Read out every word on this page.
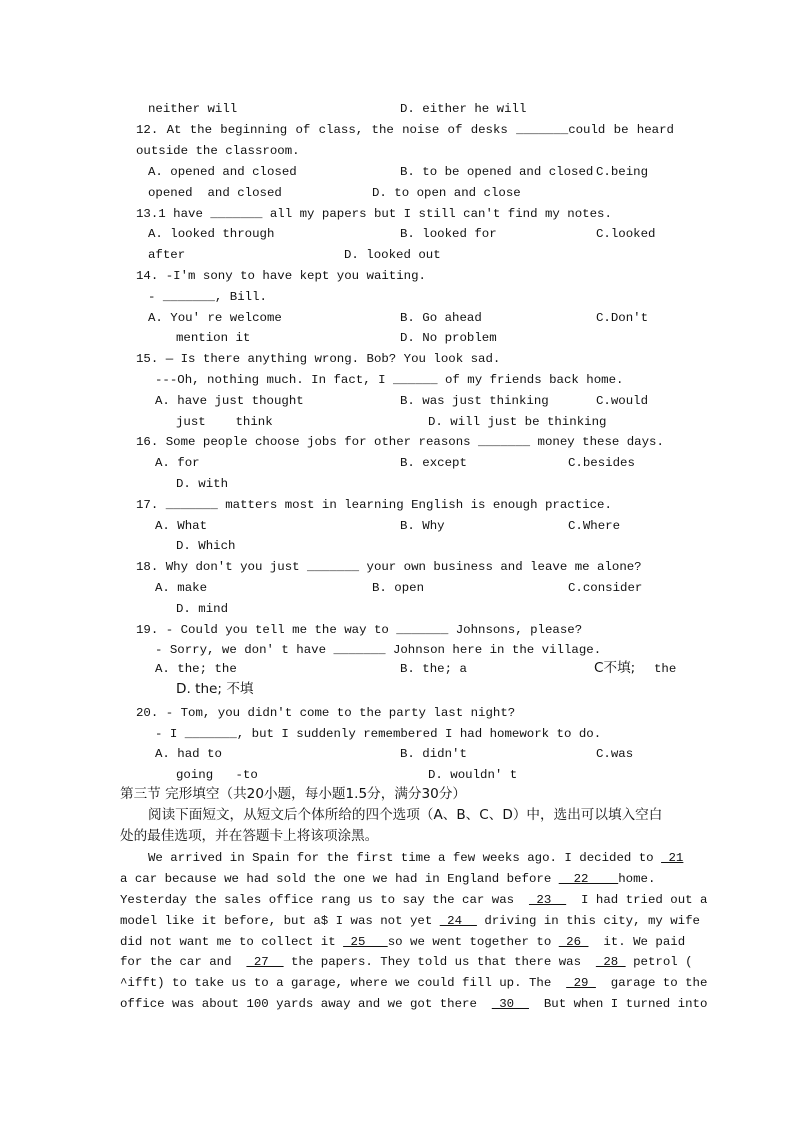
neither will	D. either he will
12. At the beginning of class, the noise of desks _______could be heard
outside the classroom.
A. opened and closed	B. to be opened and closed C.being
opened  and closed	D. to open and close
13.1 have _______ all my papers but I still can't find my notes.
A. looked through	B. looked for	C.looked
after	D. looked out
14. -I'm sony to have kept you waiting.
- _______, Bill.
A. You' re welcome	B. Go ahead	C.Don't
mention it	D. No problem
15. — Is there anything wrong. Bob? You look sad.
---Oh, nothing much. In fact, I ______ of my friends back home.
A. have just thought	B. was just thinking	C.would
just    think	D. will just be thinking
16. Some people choose jobs for other reasons _______ money these days.
A. for	B. except	C.besides
D. with
17. _______ matters most in learning English is enough practice.
A. What	B. Why	C.Where
D. Which
18. Why don't you just _______ your own business and leave me alone?
A. make	B. open	C.consider
D. mind
19. - Could you tell me the way to _______ Johnsons, please?
- Sorry, we don' t have _______ Johnson here in the village.
A. the; the	B. the; a	C不填; the
D. the; 不填
20. - Tom, you didn't come to the party last night?
- I _______, but I suddenly remembered I had homework to do.
A. had to	B. didn't	C.was
going   -to	D. wouldn' t
第三节 完形填空（共20小题，每小题1.5分，满分30分）
阅读下面短文，从短文后个体所给的四个选项（A、B、C、D）中，选出可以填入空白
处的最佳选项，并在答题卡上将该项涂黑。
We arrived in Spain for the first time a few weeks ago. I decided to  21
a car because we had sold the one we had in England before   22    home.
Yesterday the sales office rang us to say the car was   23    I had tried out a
model like it before, but a$ I was not yet  24   driving in this city, my wife
did not want me to collect it  25   so we went together to  26   it. We paid
for the car and   27   the papers. They told us that there was   28  petrol (
^ifft) to take us to a garage, where we could fill up. The   29   garage to the
office was about 100 yards away and we got there   30    But when I turned into
